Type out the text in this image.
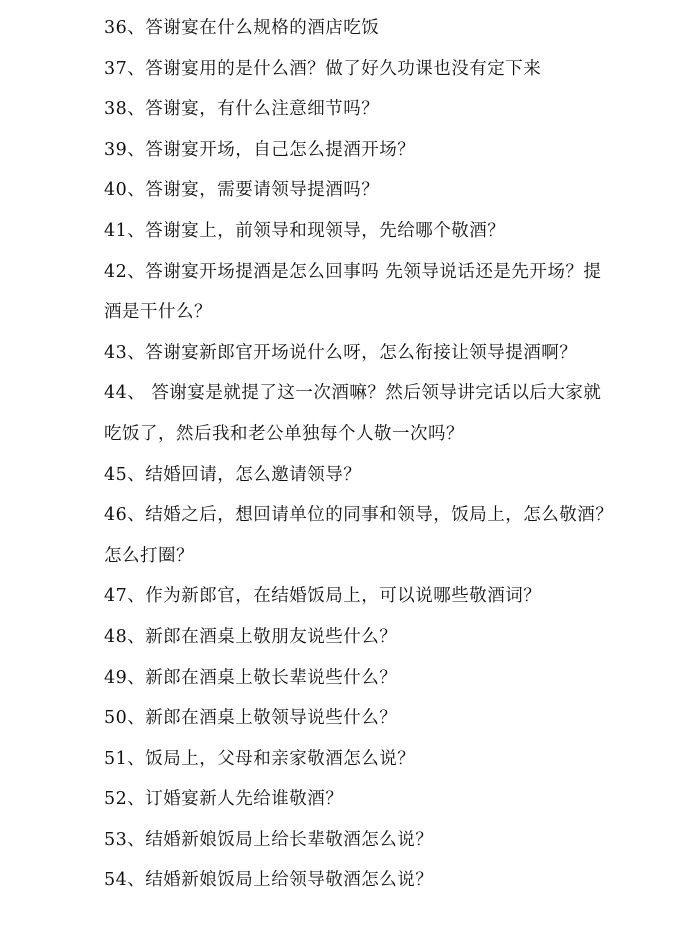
36、答谢宴在什么规格的酒店吃饭
37、答谢宴用的是什么酒？做了好久功课也没有定下来
38、答谢宴，有什么注意细节吗？
39、答谢宴开场，自己怎么提酒开场？
40、答谢宴，需要请领导提酒吗？
41、答谢宴上，前领导和现领导，先给哪个敬酒？
42、答谢宴开场提酒是怎么回事吗 先领导说话还是先开场？提
酒是干什么？
43、答谢宴新郎官开场说什么呀，怎么衔接让领导提酒啊？
44、 答谢宴是就提了这一次酒嘛？然后领导讲完话以后大家就
吃饭了，然后我和老公单独每个人敬一次吗？
45、结婚回请，怎么邀请领导？
46、结婚之后，想回请单位的同事和领导，饭局上，怎么敬酒？
怎么打圈？
47、作为新郎官，在结婚饭局上，可以说哪些敬酒词？
48、新郎在酒桌上敬朋友说些什么？
49、新郎在酒桌上敬长辈说些什么？
50、新郎在酒桌上敬领导说些什么？
51、饭局上，父母和亲家敬酒怎么说？
52、订婚宴新人先给谁敬酒？
53、结婚新娘饭局上给长辈敬酒怎么说？
54、结婚新娘饭局上给领导敬酒怎么说？
